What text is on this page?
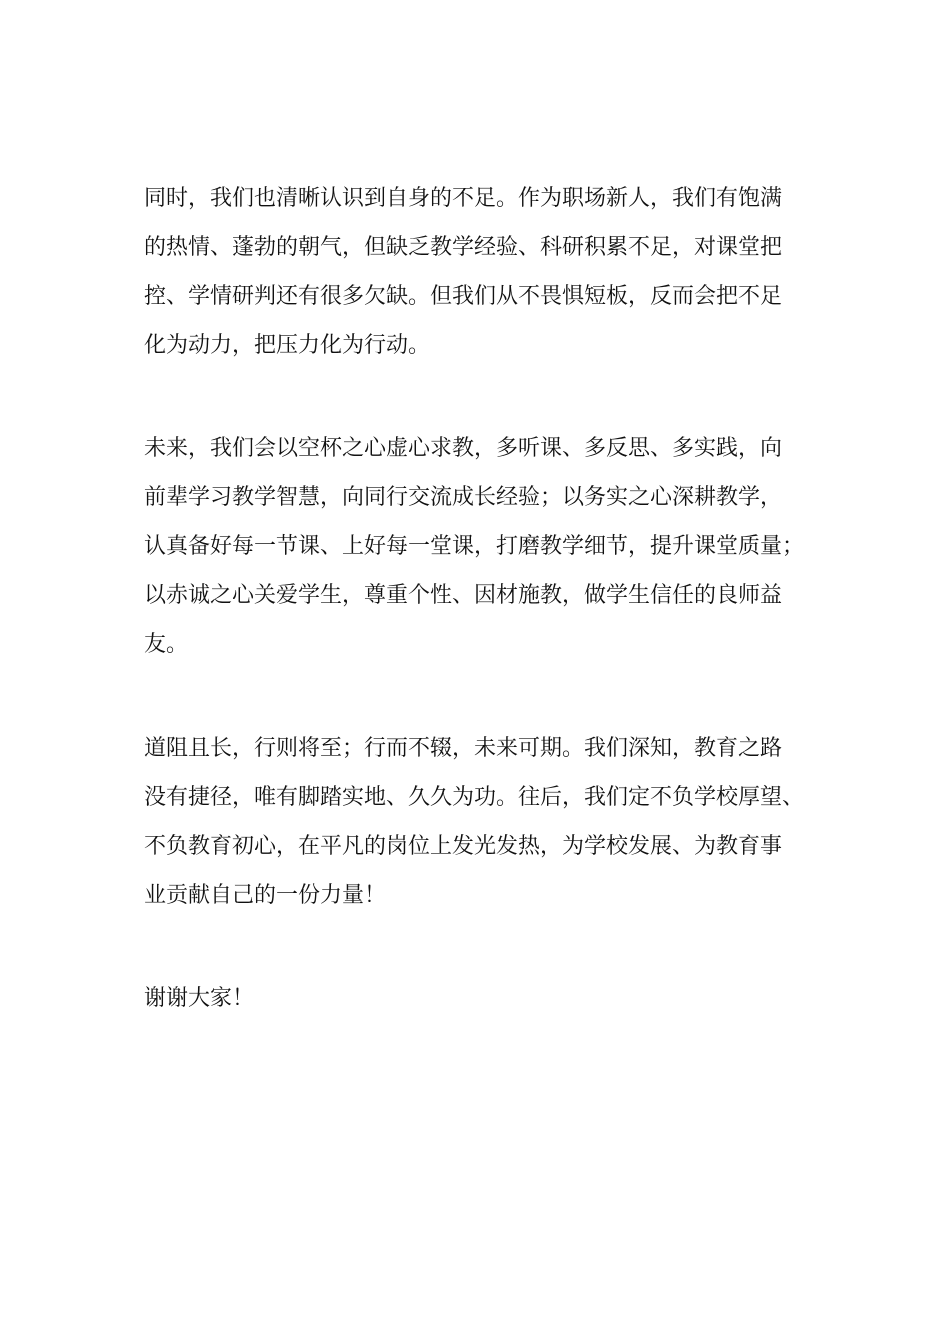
同时，我们也清晰认识到自身的不足。作为职场新人，我们有饱满
的热情、蓬勃的朝气，但缺乏教学经验、科研积累不足，对课堂把
控、学情研判还有很多欠缺。但我们从不畏惧短板，反而会把不足
化为动力，把压力化为行动。

未来，我们会以空杯之心虚心求教，多听课、多反思、多实践，向
前辈学习教学智慧，向同行交流成长经验；以务实之心深耕教学，
认真备好每一节课、上好每一堂课，打磨教学细节，提升课堂质量；
以赤诚之心关爱学生，尊重个性、因材施教，做学生信任的良师益
友。

道阻且长，行则将至；行而不辍，未来可期。我们深知，教育之路
没有捷径，唯有脚踏实地、久久为功。往后，我们定不负学校厚望、
不负教育初心，在平凡的岗位上发光发热，为学校发展、为教育事
业贡献自己的一份力量！

谢谢大家！
